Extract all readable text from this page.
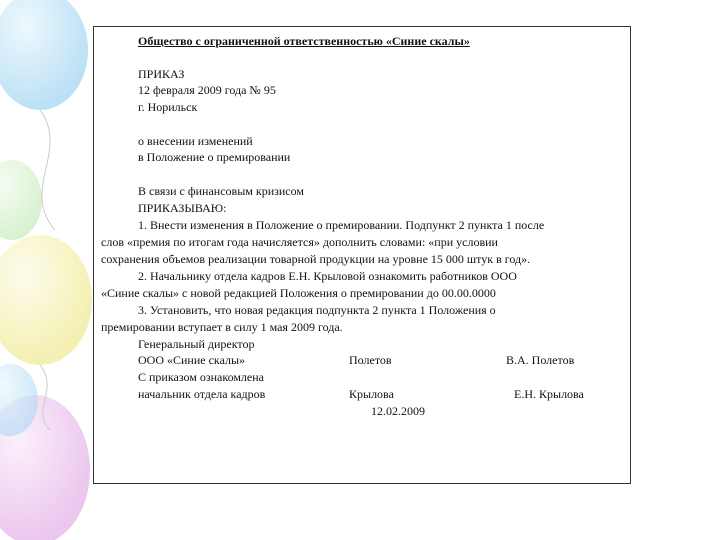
Общество с ограниченной ответственностью «Синие скалы»
ПРИКАЗ
12 февраля 2009 года № 95
г. Норильск
о внесении изменений
в Положение о премировании
В связи с финансовым кризисом
ПРИКАЗЫВАЮ:
1. Внести изменения в Положение о премировании. Подпункт 2 пункта 1 после
слов «премия по итогам года начисляется» дополнить словами: «при условии
сохранения объемов реализации товарной продукции на уровне 15 000 штук в год».
2. Начальнику отдела кадров Е.Н. Крыловой ознакомить работников ООО
«Синие скалы» с новой редакцией Положения о премировании до 00.00.0000
3. Установить, что новая редакция подпункта 2 пункта 1 Положения о
премировании вступает в силу 1 мая 2009 года.
Генеральный директор
ООО «Синие скалы»	Полетов	В.А. Полетов
С приказом ознакомлена
начальник отдела кадров	Крылова	Е.Н. Крылова
12.02.2009
